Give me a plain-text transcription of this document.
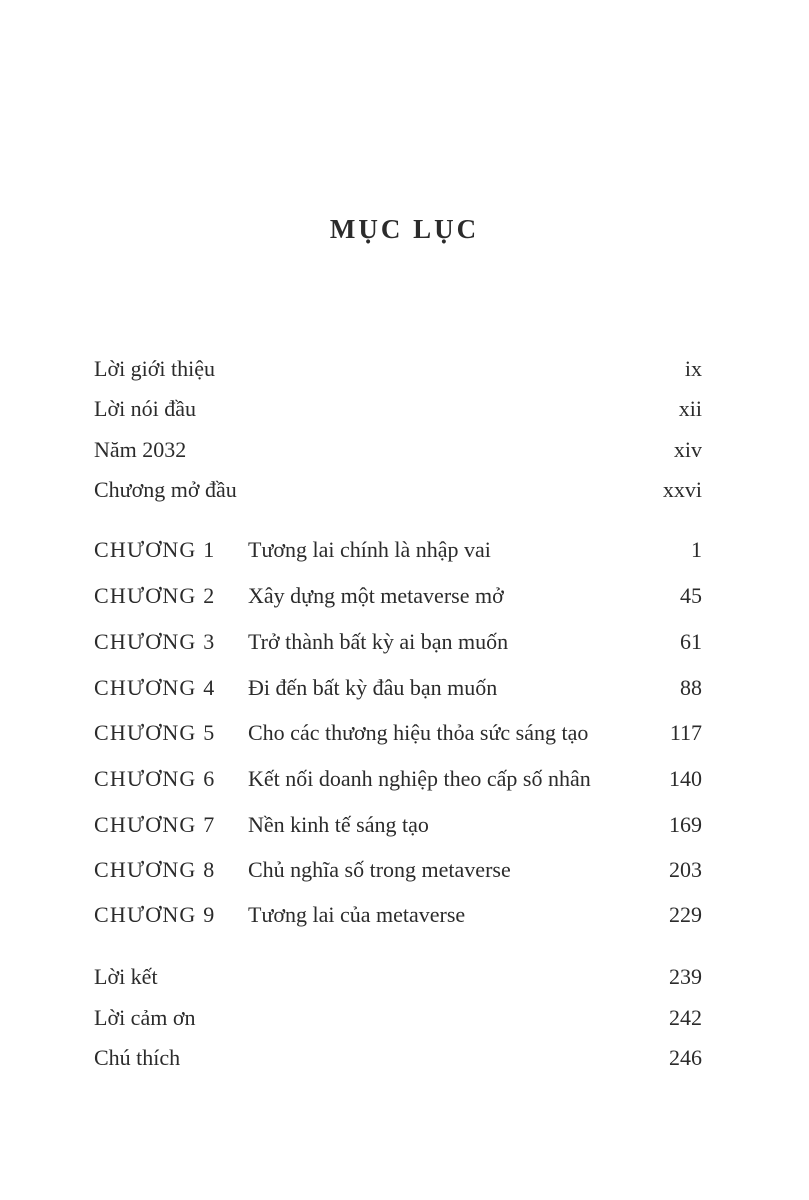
MỤC LỤC
Lời giới thiệu	ix
Lời nói đầu	xii
Năm 2032	xiv
Chương mở đầu	xxvi
CHƯƠNG 1 Tương lai chính là nhập vai	1
CHƯƠNG 2 Xây dựng một metaverse mở	45
CHƯƠNG 3 Trở thành bất kỳ ai bạn muốn	61
CHƯƠNG 4 Đi đến bất kỳ đâu bạn muốn	88
CHƯƠNG 5 Cho các thương hiệu thỏa sức sáng tạo	117
CHƯƠNG 6 Kết nối doanh nghiệp theo cấp số nhân	140
CHƯƠNG 7 Nền kinh tế sáng tạo	169
CHƯƠNG 8 Chủ nghĩa số trong metaverse	203
CHƯƠNG 9 Tương lai của metaverse	229
Lời kết	239
Lời cảm ơn	242
Chú thích	246
